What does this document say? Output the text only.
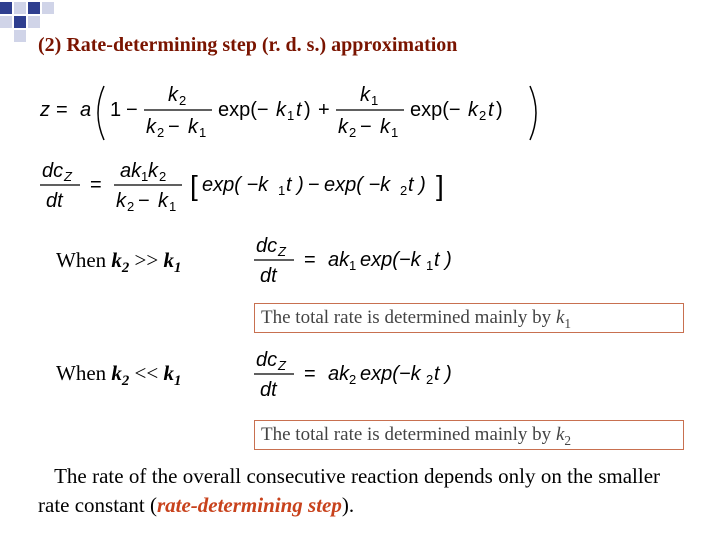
(2) Rate-determining step (r. d. s.) approximation
z = a 1 −
k 2
k 2 − k 1
exp(− k 1 t ) +
k 1
k 2 − k 1
exp(− k 2 t )
dc Z
dt
=
ak 1 k 2
k 2 − k 1
[ exp( −k 1 t ) − exp( −k 2 t ) ]
When $k_2 >> k_1$
dc Z
dt
= ak 1 exp(−k 1 t )
The total rate is determined mainly by $k_1$
When $k_2 << k_1$
dc Z
dt
= ak 2 exp(−k 2 t )
The total rate is determined mainly by $k_2$
The rate of the overall consecutive reaction depends only on the smaller rate constant (rate-determining step).
